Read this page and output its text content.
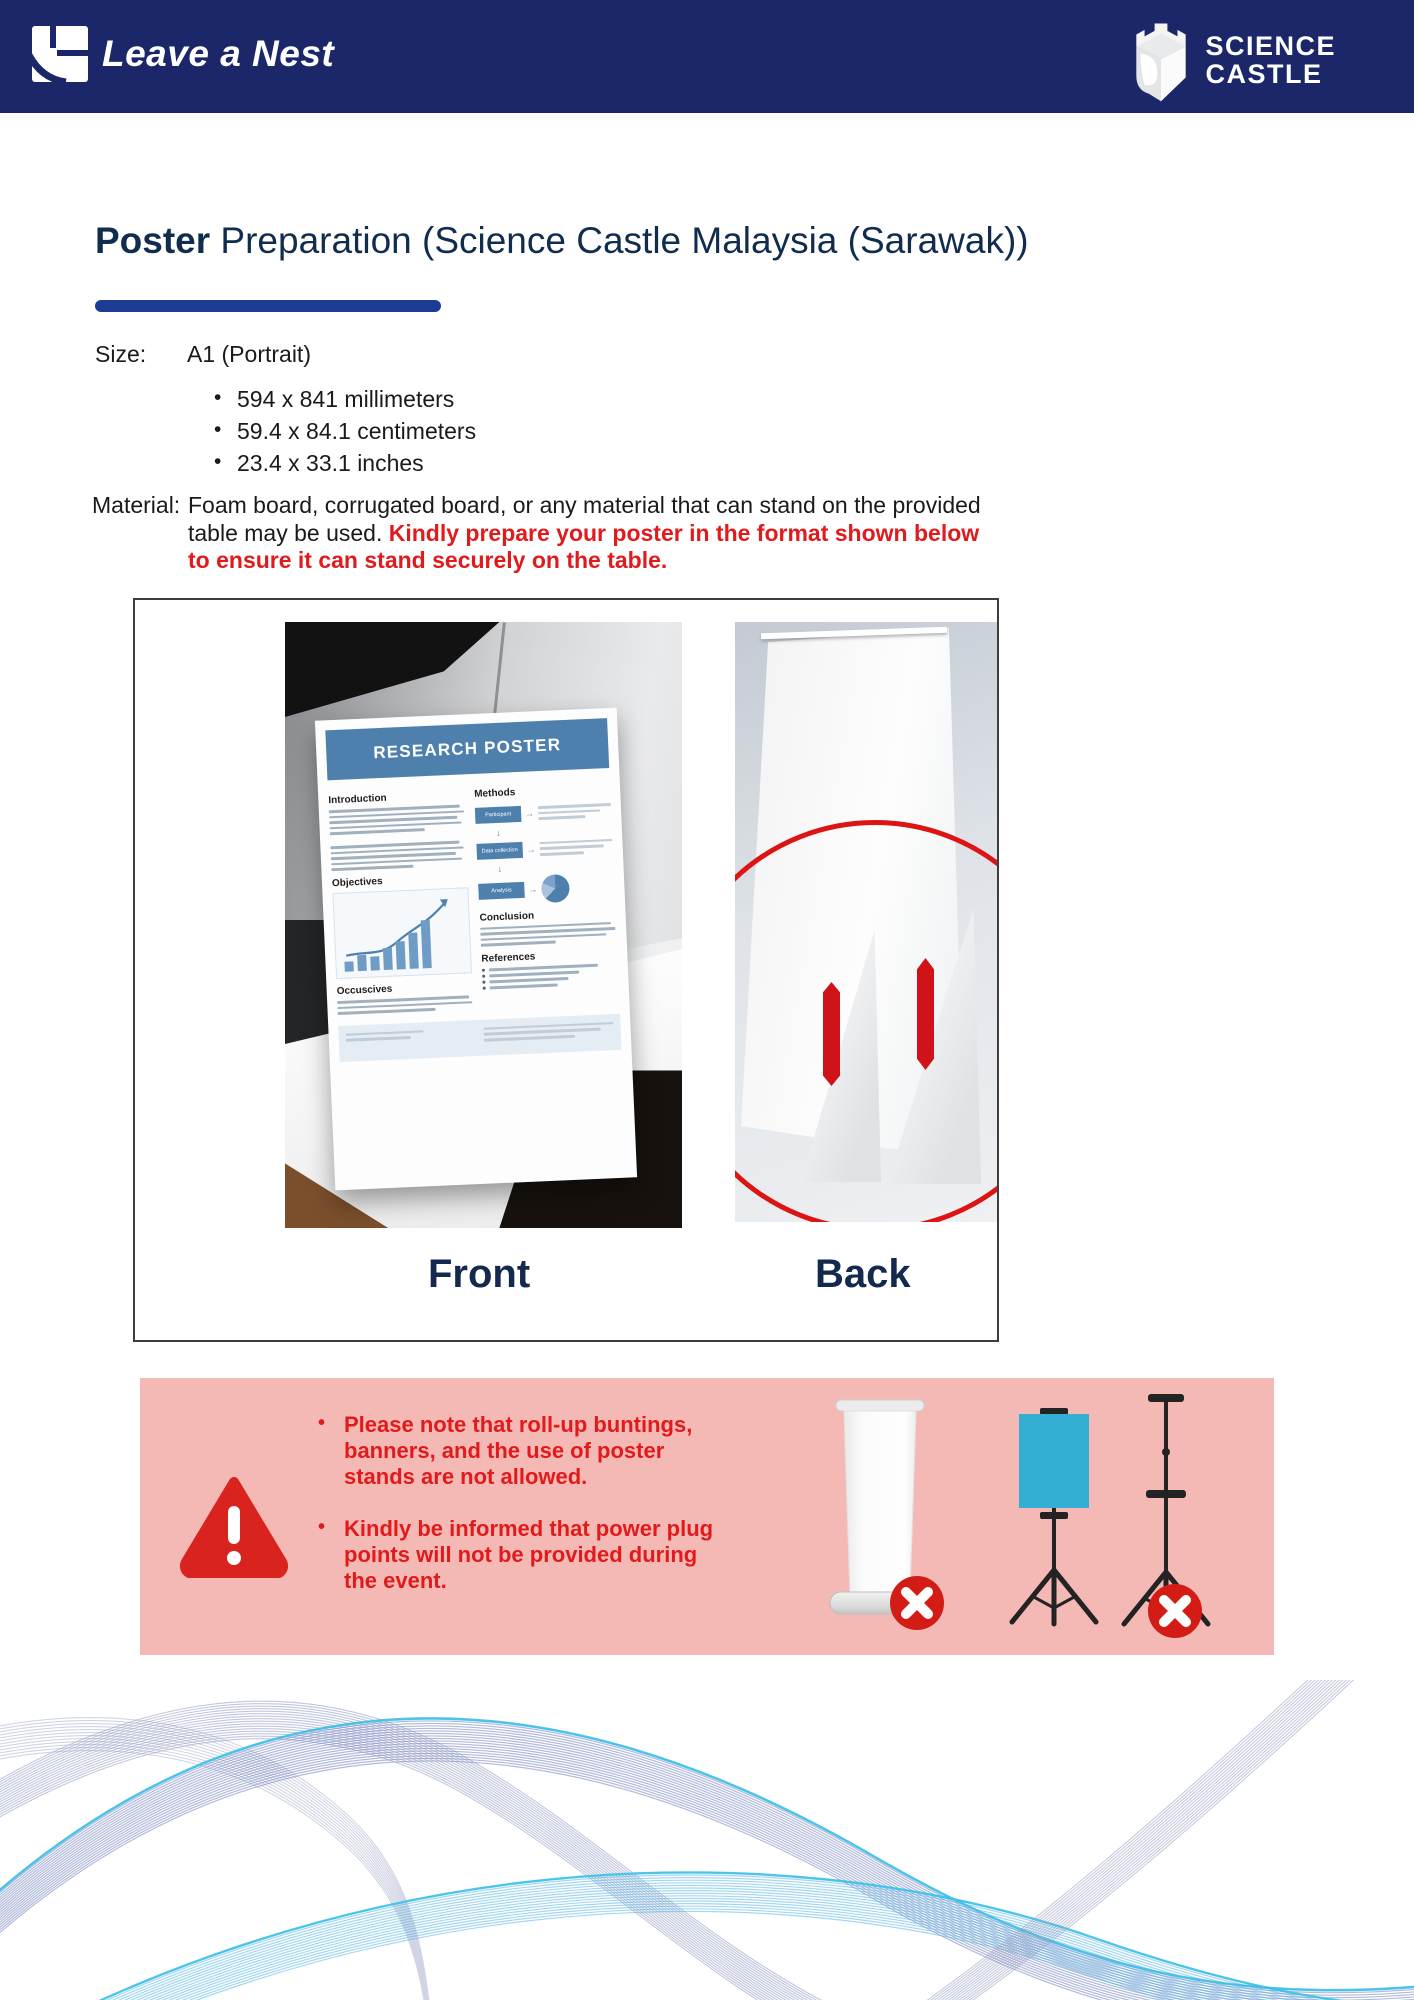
Leave a Nest	SCIENCE
CASTLE
Poster Preparation (Science Castle Malaysia (Sarawak))
Size: A1 (Portrait)
• 594 x 841 millimeters
• 59.4 x 84.1 centimeters
• 23.4 x 33.1 inches
Material: Foam board, corrugated board, or any material that can stand on the provided table may be used. Kindly prepare your poster in the format shown below to ensure it can stand securely on the table.
RESEARCH POSTER
Introduction
Objectives
Occuscives
Methods
Participant	→
↓
Data collection →
↓
Analysis	→
Conclusion
References
Front	Back
• Please note that roll-up buntings, banners, and the use of poster stands are not allowed.
• Kindly be informed that power plug points will not be provided during the event.
